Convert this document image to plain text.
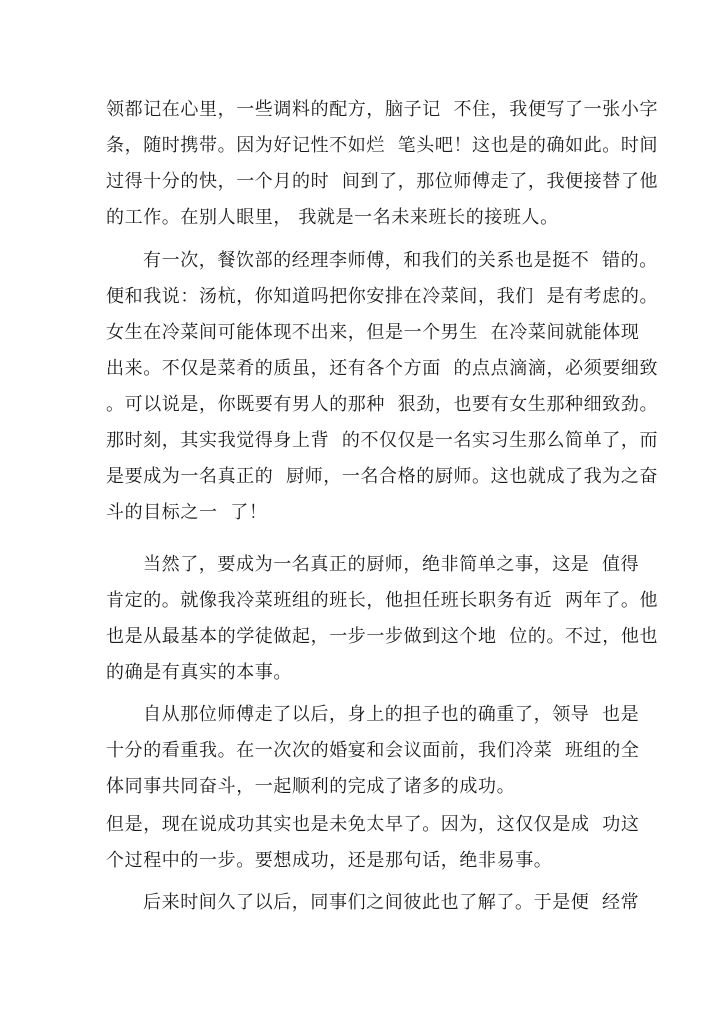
领都记在心里，一些调料的配方，脑子记  不住，我便写了一张小字
条，随时携带。因为好记性不如烂  笔头吧！这也是的确如此。时间
过得十分的快，一个月的时  间到了，那位师傅走了，我便接替了他
的工作。在别人眼里， 我就是一名未来班长的接班人。
有一次，餐饮部的经理李师傅，和我们的关系也是挺不  错的。
便和我说：汤杭，你知道吗把你安排在冷菜间，我们  是有考虑的。
女生在冷菜间可能体现不出来，但是一个男生  在冷菜间就能体现
出来。不仅是菜肴的质虽，还有各个方面  的点点滴滴，必须要细致
。可以说是，你既要有男人的那种  狠劲，也要有女生那种细致劲。
那时刻，其实我觉得身上背  的不仅仅是一名实习生那么简单了，而
是要成为一名真正的  厨师，一名合格的厨师。这也就成了我为之奋
斗的目标之一  了！
当然了，要成为一名真正的厨师，绝非简单之事，这是  值得
肯定的。就像我冷菜班组的班长，他担任班长职务有近  两年了。他
也是从最基本的学徒做起，一步一步做到这个地  位的。不过，他也
的确是有真实的本事。
自从那位师傅走了以后，身上的担子也的确重了，领导  也是
十分的看重我。在一次次的婚宴和会议面前，我们冷菜  班组的全
体同事共同奋斗，一起顺利的完成了诸多的成功。
但是，现在说成功其实也是未免太早了。因为，这仅仅是成  功这
个过程中的一步。要想成功，还是那句话，绝非易事。
后来时间久了以后，同事们之间彼此也了解了。于是便  经常
